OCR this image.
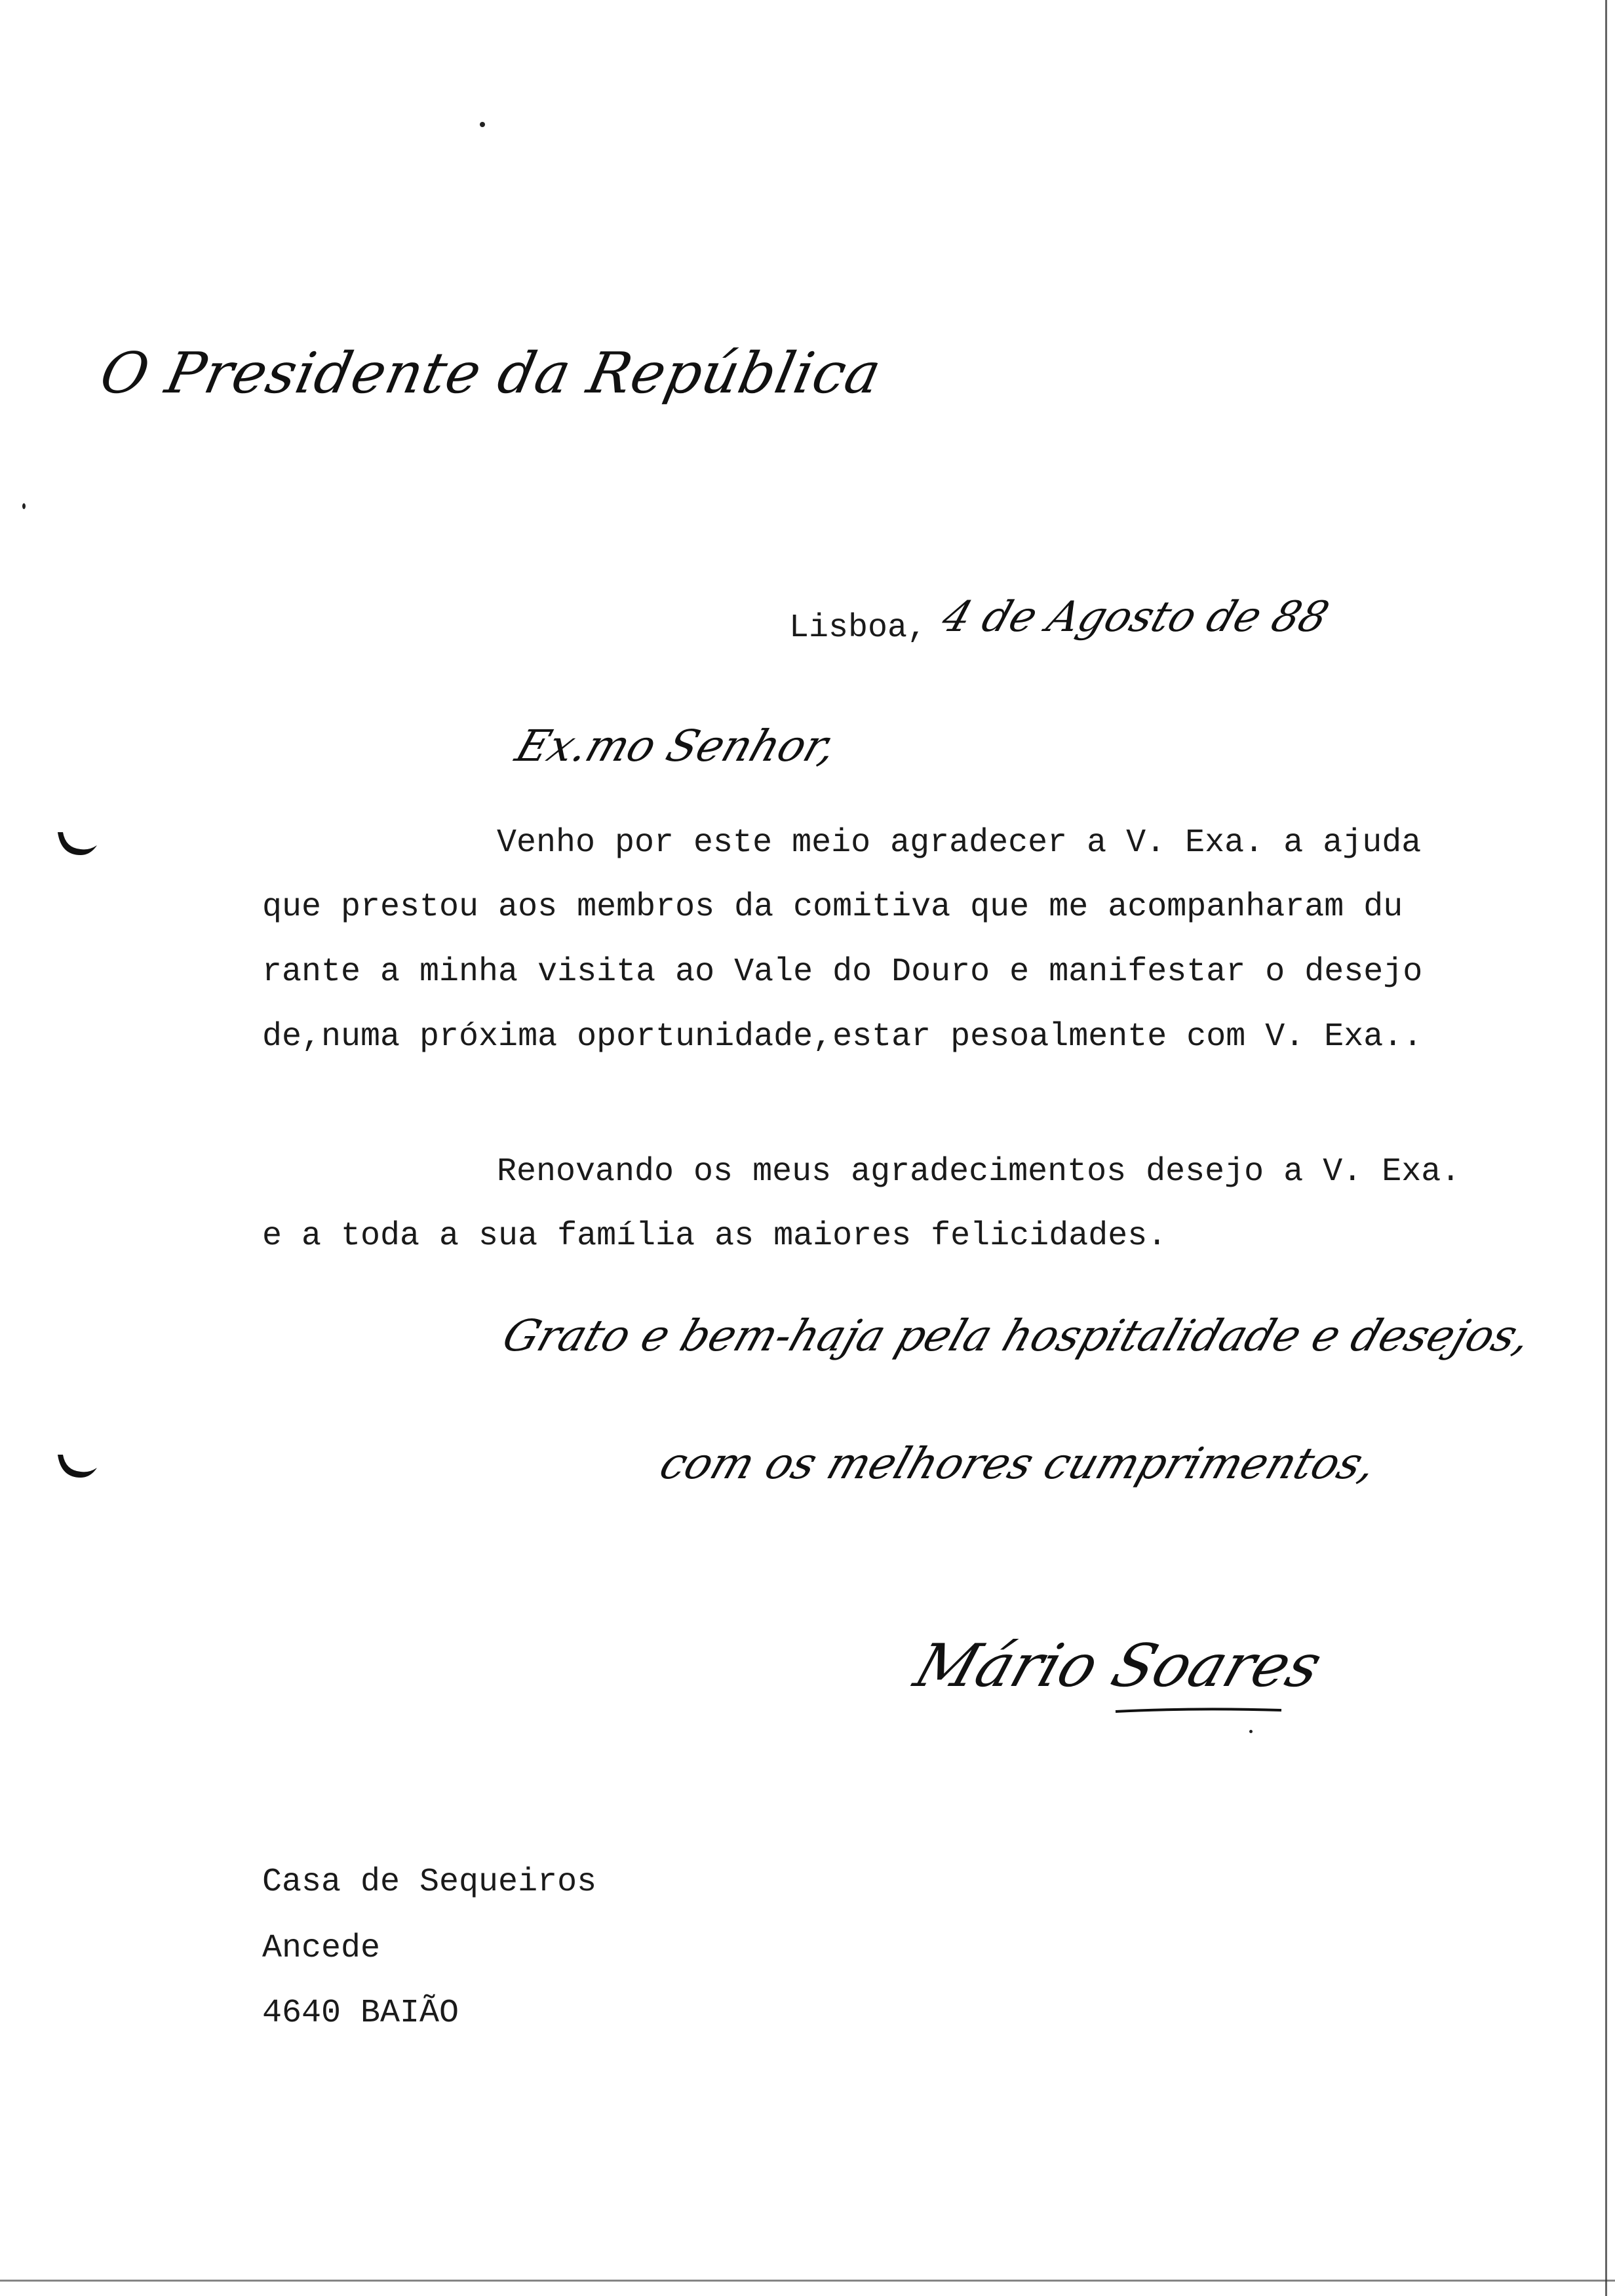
O Presidente da República
Lisboa, 4 de Agosto de 88
Ex.mo Senhor,
Venho por este meio agradecer a V. Exa. a ajuda
que prestou aos membros da comitiva que me acompanharam du
rante a minha visita ao Vale do Douro e manifestar o desejo
de,numa próxima oportunidade,estar pesoalmente com V. Exa..
Renovando os meus agradecimentos desejo a V. Exa.
e a toda a sua família as maiores felicidades.
Grato e bem-haja pela hospitalidade e desejos,
com os melhores cumprimentos,
Mário Soares
Casa de Sequeiros
Ancede
4640 BAIÃO
